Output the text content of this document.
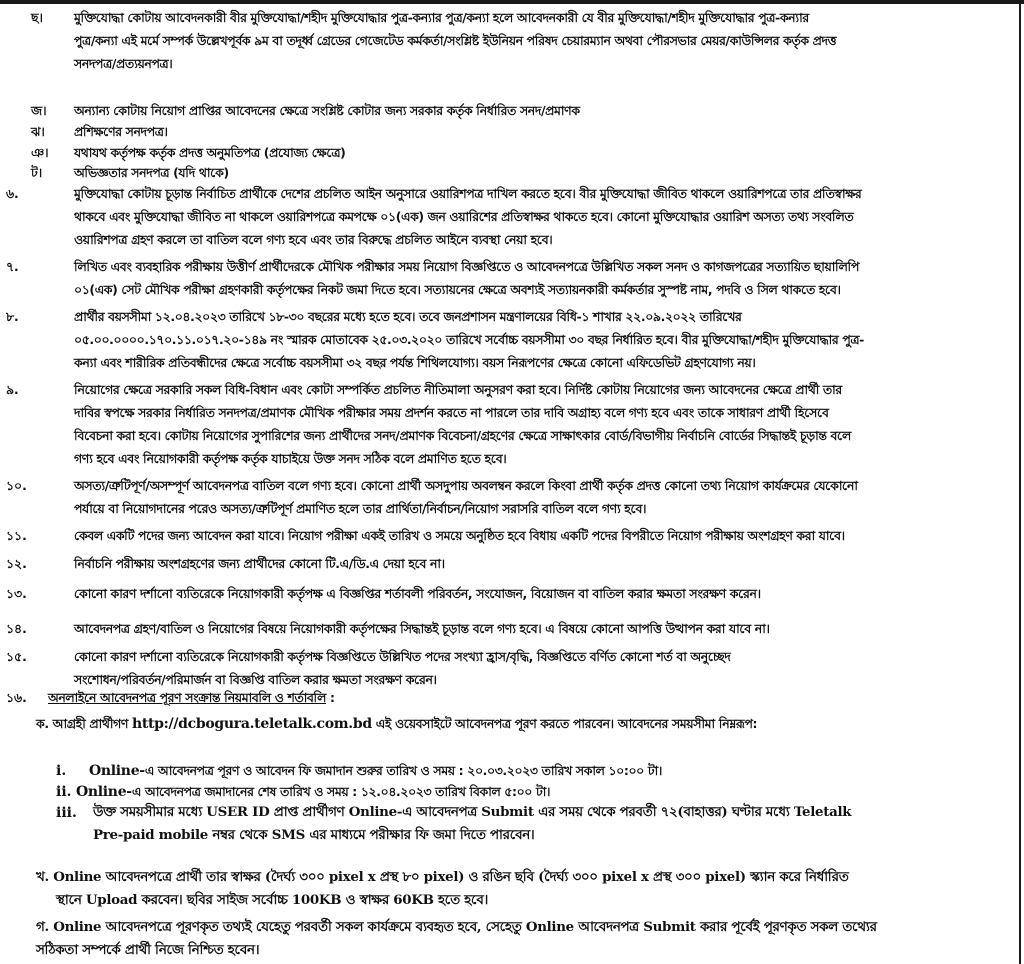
ছ।	মুক্তিযোদ্ধা কোটায় আবেদনকারী বীর মুক্তিযোদ্ধা/শহীদ মুক্তিযোদ্ধার পুত্র-কন্যার পুত্র/কন্যা হলে আবেদনকারী যে বীর মুক্তিযোদ্ধা/শহীদ মুক্তিযোদ্ধার পুত্র-কন্যার
পুত্র/কন্যা এই মর্মে সম্পর্ক উল্লেখপূর্বক ৯ম বা তদূর্ধ্ব গ্রেডের গেজেটেড কর্মকর্তা/সংশ্লিষ্ট ইউনিয়ন পরিষদ চেয়ারম্যান অথবা পৌরসভার মেয়র/কাউন্সিলর কর্তৃক প্রদত্ত
সনদপত্র/প্রত্যয়নপত্র।
জ। অন্যান্য কোটায় নিয়োগ প্রাপ্তির আবেদনের ক্ষেত্রে সংশ্লিষ্ট কোটার জন্য সরকার কর্তৃক নির্ধারিত সনদ/প্রমাণক
ঝ। প্রশিক্ষণের সনদপত্র।
ঞ। যথাযথ কর্তৃপক্ষ কর্তৃক প্রদত্ত অনুমতিপত্র (প্রযোজ্য ক্ষেত্রে)
ট।	অভিজ্ঞতার সনদপত্র (যদি থাকে)
৬.	মুক্তিযোদ্ধা কোটায় চূড়ান্ত নির্বাচিত প্রার্থীকে দেশের প্রচলিত আইন অনুসারে ওয়ারিশপত্র দাখিল করতে হবে। বীর মুক্তিযোদ্ধা জীবিত থাকলে ওয়ারিশপত্রে তার প্রতিস্বাক্ষর
থাকবে এবং মুক্তিযোদ্ধা জীবিত না থাকলে ওয়ারিশপত্রে কমপক্ষে ০১(এক) জন ওয়ারিশের প্রতিস্বাক্ষর থাকতে হবে। কোনো মুক্তিযোদ্ধার ওয়ারিশ অসত্য তথ্য সংবলিত
ওয়ারিশপত্র গ্রহণ করলে তা বাতিল বলে গণ্য হবে এবং তার বিরুদ্ধে প্রচলিত আইনে ব্যবস্থা নেয়া হবে।
৭.	লিখিত এবং ব্যবহারিক পরীক্ষায় উত্তীর্ণ প্রার্থীদেরকে মৌখিক পরীক্ষার সময় নিয়োগ বিজ্ঞপ্তিতে ও আবেদনপত্রে উল্লিখিত সকল সনদ ও কাগজপত্রের সত্যায়িত ছায়ালিপি
০১(এক) সেট মৌখিক পরীক্ষা গ্রহণকারী কর্তৃপক্ষের নিকট জমা দিতে হবে। সত্যায়নের ক্ষেত্রে অবশ্যই সত্যায়নকারী কর্মকর্তার সুস্পষ্ট নাম, পদবি ও সিল থাকতে হবে।
৮.	প্রার্থীর বয়সসীমা ১২.০৪.২০২৩ তারিখে ১৮-৩০ বছরের মধ্যে হতে হবে। তবে জনপ্রশাসন মন্ত্রণালয়ের বিধি-১ শাখার ২২.০৯.২০২২ তারিখের
০৫.০০.০০০০.১৭০.১১.০১৭.২০-১৪৯ নং স্মারক মোতাবেক ২৫.০৩.২০২০ তারিখে সর্বোচ্চ বয়সসীমা ৩০ বছর নির্ধারিত হবে। বীর মুক্তিযোদ্ধা/শহীদ মুক্তিযোদ্ধার পুত্র-
কন্যা এবং শারীরিক প্রতিবন্ধীদের ক্ষেত্রে সর্বোচ্চ বয়সসীমা ৩২ বছর পর্যন্ত শিথিলযোগ্য। বয়স নিরূপণের ক্ষেত্রে কোনো এফিডেভিট গ্রহণযোগ্য নয়।
৯.	নিয়োগের ক্ষেত্রে সরকারি সকল বিধি-বিধান এবং কোটা সম্পর্কিত প্রচলিত নীতিমালা অনুসরণ করা হবে। নির্দিষ্ট কোটায় নিয়োগের জন্য আবেদনের ক্ষেত্রে প্রার্থী তার
দাবির স্বপক্ষে সরকার নির্ধারিত সনদপত্র/প্রমাণক মৌখিক পরীক্ষার সময় প্রদর্শন করতে না পারলে তার দাবি অগ্রাহ্য বলে গণ্য হবে এবং তাকে সাধারণ প্রার্থী হিসেবে
বিবেচনা করা হবে। কোটায় নিয়োগের সুপারিশের জন্য প্রার্থীদের সনদ/প্রমাণক বিবেচনা/গ্রহণের ক্ষেত্রে সাক্ষাৎকার বোর্ড/বিভাগীয় নির্বাচনি বোর্ডের সিদ্ধান্তই চূড়ান্ত বলে
গণ্য হবে এবং নিয়োগকারী কর্তৃপক্ষ কর্তৃক যাচাইয়ে উক্ত সনদ সঠিক বলে প্রমাণিত হতে হবে।
১০.	অসত্য/ত্রুটিপূর্ণ/অসম্পূর্ণ আবেদনপত্র বাতিল বলে গণ্য হবে। কোনো প্রার্থী অসদুপায় অবলম্বন করলে কিংবা প্রার্থী কর্তৃক প্রদত্ত কোনো তথ্য নিয়োগ কার্যক্রমের যেকোনো
পর্যায়ে বা নিয়োগদানের পরেও অসত্য/ত্রুটিপূর্ণ প্রমাণিত হলে তার প্রার্থিতা/নির্বাচন/নিয়োগ সরাসরি বাতিল বলে গণ্য হবে।
১১.	কেবল একটি পদের জন্য আবেদন করা যাবে। নিয়োগ পরীক্ষা একই তারিখ ও সময়ে অনুষ্ঠিত হবে বিধায় একটি পদের বিপরীতে নিয়োগ পরীক্ষায় অংশগ্রহণ করা যাবে।
১২.	নির্বাচনি পরীক্ষায় অংশগ্রহণের জন্য প্রার্থীদের কোনো টি.এ/ডি.এ দেয়া হবে না।
১৩.	কোনো কারণ দর্শানো ব্যতিরেকে নিয়োগকারী কর্তৃপক্ষ এ বিজ্ঞপ্তির শর্তাবলী পরিবর্তন, সংযোজন, বিয়োজন বা বাতিল করার ক্ষমতা সংরক্ষণ করেন।
১৪.	আবেদনপত্র গ্রহণ/বাতিল ও নিয়োগের বিষয়ে নিয়োগকারী কর্তৃপক্ষের সিদ্ধান্তই চূড়ান্ত বলে গণ্য হবে। এ বিষয়ে কোনো আপত্তি উত্থাপন করা যাবে না।
১৫.	কোনো কারণ দর্শানো ব্যতিরেকে নিয়োগকারী কর্তৃপক্ষ বিজ্ঞপ্তিতে উল্লিখিত পদের সংখ্যা হ্রাস/বৃদ্ধি, বিজ্ঞপ্তিতে বর্ণিত কোনো শর্ত বা অনুচ্ছেদ
সংশোধন/পরিবর্তন/পরিমার্জন বা বিজ্ঞপ্তি বাতিল করার ক্ষমতা সংরক্ষণ করেন।
১৬. অনলাইনে আবেদনপত্র পূরণ সংক্রান্ত নিয়মাবলি ও শর্তাবলি :
ক. আগ্রহী প্রার্থীগণ http://dcbogura.teletalk.com.bd এই ওয়েবসাইটে আবেদনপত্র পূরণ করতে পারবেন। আবেদনের সময়সীমা নিম্নরূপ:
i. Online-এ আবেদনপত্র পূরণ ও আবেদন ফি জমাদান শুরুর তারিখ ও সময় : ২০.০৩.২০২৩ তারিখ সকাল ১০:০০ টা।
ii. Online-এ আবেদনপত্র জমাদানের শেষ তারিখ ও সময় : ১২.০৪.২০২৩ তারিখ বিকাল ৫:০০ টা।
iii. উক্ত সময়সীমার মধ্যে USER ID প্রাপ্ত প্রার্থীগণ Online-এ আবেদনপত্র Submit এর সময় থেকে পরবর্তী ৭২(বাহাত্তর) ঘণ্টার মধ্যে Teletalk
Pre-paid mobile নম্বর থেকে SMS এর মাধ্যমে পরীক্ষার ফি জমা দিতে পারবেন।
খ. Online আবেদনপত্রে প্রার্থী তার স্বাক্ষর (দৈর্ঘ্য ৩০০ pixel x প্রস্থ ৮০ pixel) ও রঙিন ছবি (দৈর্ঘ্য ৩০০ pixel x প্রস্থ ৩০০ pixel) স্ক্যান করে নির্ধারিত
স্থানে Upload করবেন। ছবির সাইজ সর্বোচ্চ 100KB ও স্বাক্ষর 60KB হতে হবে।
গ. Online আবেদনপত্রে পূরণকৃত তথ্যই যেহেতু পরবর্তী সকল কার্যক্রমে ব্যবহৃত হবে, সেহেতু Online আবেদনপত্র Submit করার পূর্বেই পূরণকৃত সকল তথ্যের
সঠিকতা সম্পর্কে প্রার্থী নিজে নিশ্চিত হবেন।
